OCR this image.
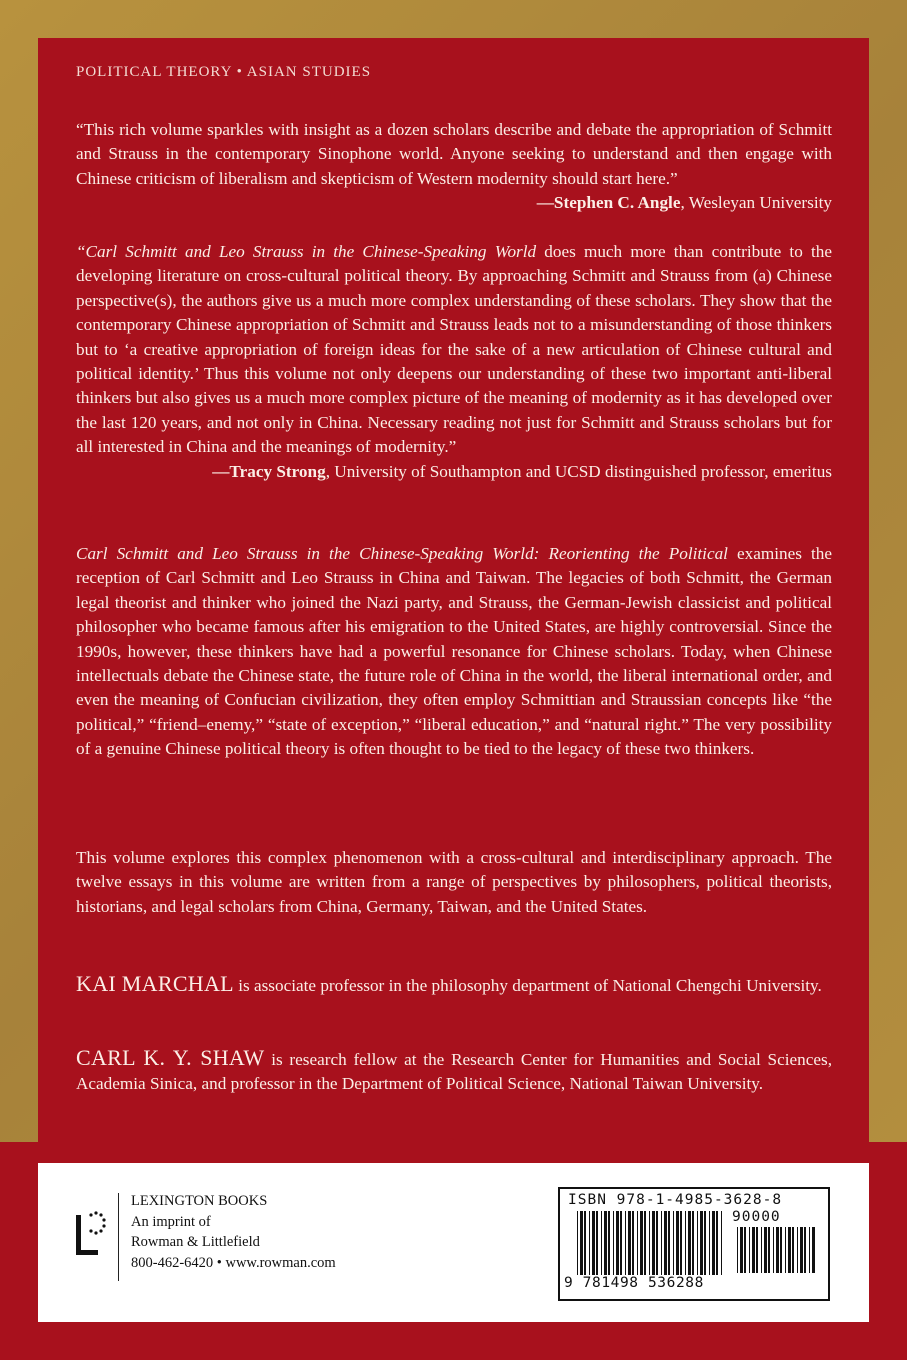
POLITICAL THEORY • ASIAN STUDIES
“This rich volume sparkles with insight as a dozen scholars describe and debate the appropriation of Schmitt and Strauss in the contemporary Sinophone world. Anyone seeking to understand and then engage with Chinese criticism of liberalism and skepticism of Western modernity should start here.”
—Stephen C. Angle, Wesleyan University
“Carl Schmitt and Leo Strauss in the Chinese-Speaking World does much more than contribute to the developing literature on cross-cultural political theory. By approaching Schmitt and Strauss from (a) Chinese perspective(s), the authors give us a much more complex understanding of these scholars. They show that the contemporary Chinese appropriation of Schmitt and Strauss leads not to a misunderstanding of those thinkers but to ‘a creative appropriation of foreign ideas for the sake of a new articulation of Chinese cultural and political identity.’ Thus this volume not only deepens our understanding of these two important anti-liberal thinkers but also gives us a much more complex picture of the meaning of modernity as it has developed over the last 120 years, and not only in China. Necessary reading not just for Schmitt and Strauss scholars but for all interested in China and the meanings of modernity.”
—Tracy Strong, University of Southampton and UCSD distinguished professor, emeritus
Carl Schmitt and Leo Strauss in the Chinese-Speaking World: Reorienting the Political examines the reception of Carl Schmitt and Leo Strauss in China and Taiwan. The legacies of both Schmitt, the German legal theorist and thinker who joined the Nazi party, and Strauss, the German-Jewish classicist and political philosopher who became famous after his emigration to the United States, are highly controversial. Since the 1990s, however, these thinkers have had a powerful resonance for Chinese scholars. Today, when Chinese intellectuals debate the Chinese state, the future role of China in the world, the liberal international order, and even the meaning of Confucian civilization, they often employ Schmittian and Straussian concepts like “the political,” “friend–enemy,” “state of exception,” “liberal education,” and “natural right.” The very possibility of a genuine Chinese political theory is often thought to be tied to the legacy of these two thinkers.
This volume explores this complex phenomenon with a cross-cultural and interdisciplinary approach. The twelve essays in this volume are written from a range of perspectives by philosophers, political theorists, historians, and legal scholars from China, Germany, Taiwan, and the United States.
KAI MARCHAL is associate professor in the philosophy department of National Chengchi University.
CARL K. Y. SHAW is research fellow at the Research Center for Humanities and Social Sciences, Academia Sinica, and professor in the Department of Political Science, National Taiwan University.
LEXINGTON BOOKS
An imprint of
Rowman & Littlefield
800-462-6420 • www.rowman.com
ISBN 978-1-4985-3628-8
90000
9 781498 536288
